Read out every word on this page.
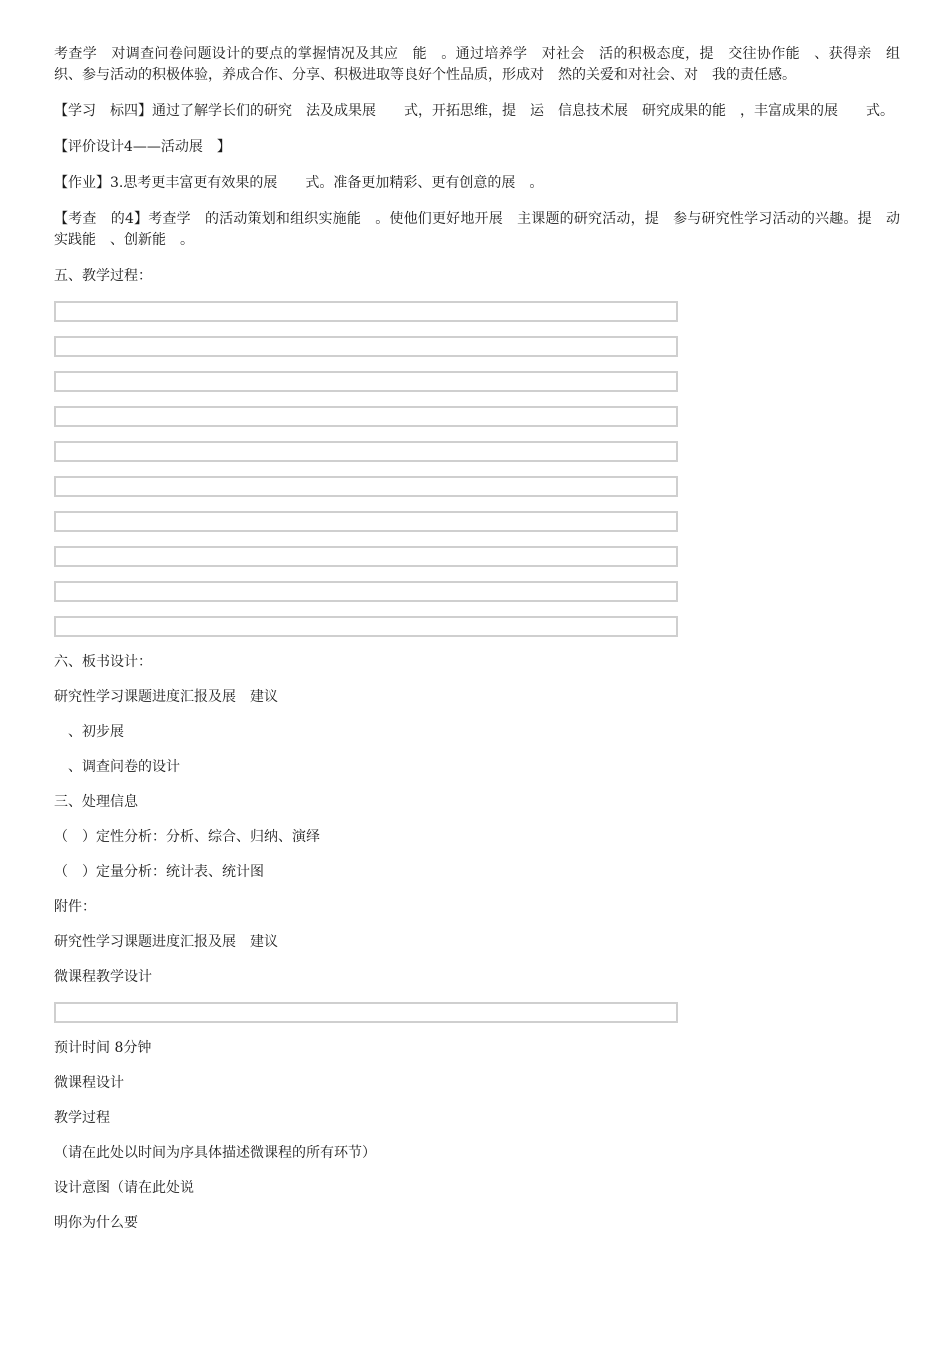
考查学　对调查问卷问题设计的要点的掌握情况及其应　能　。通过培养学　对社会　活的积极态度，提　交往协作能　、获得亲　组织、参与活动的积极体验，养成合作、分享、积极进取等良好个性品质，形成对　然的关爱和对社会、对　我的责任感。

【学习　标四】通过了解学长们的研究　法及成果展　　式，开拓思维，提　运　信息技术展　研究成果的能　，丰富成果的展　　式。

【评价设计4——活动展　】

【作业】3.思考更丰富更有效果的展　　式。准备更加精彩、更有创意的展　。

【考查　的4】考查学　的活动策划和组织实施能　。使他们更好地开展　主课题的研究活动，提　参与研究性学习活动的兴趣。提　动　实践能　、创新能　。

五、教学过程：

六、板书设计：

研究性学习课题进度汇报及展　建议

　、初步展

　、调查问卷的设计

三、处理信息

（　）定性分析：分析、综合、归纳、演绎

（　）定量分析：统计表、统计图

附件：

研究性学习课题进度汇报及展　建议

微课程教学设计

预计时间 8分钟

微课程设计

教学过程

（请在此处以时间为序具体描述微课程的所有环节）

设计意图（请在此处说

明你为什么要
